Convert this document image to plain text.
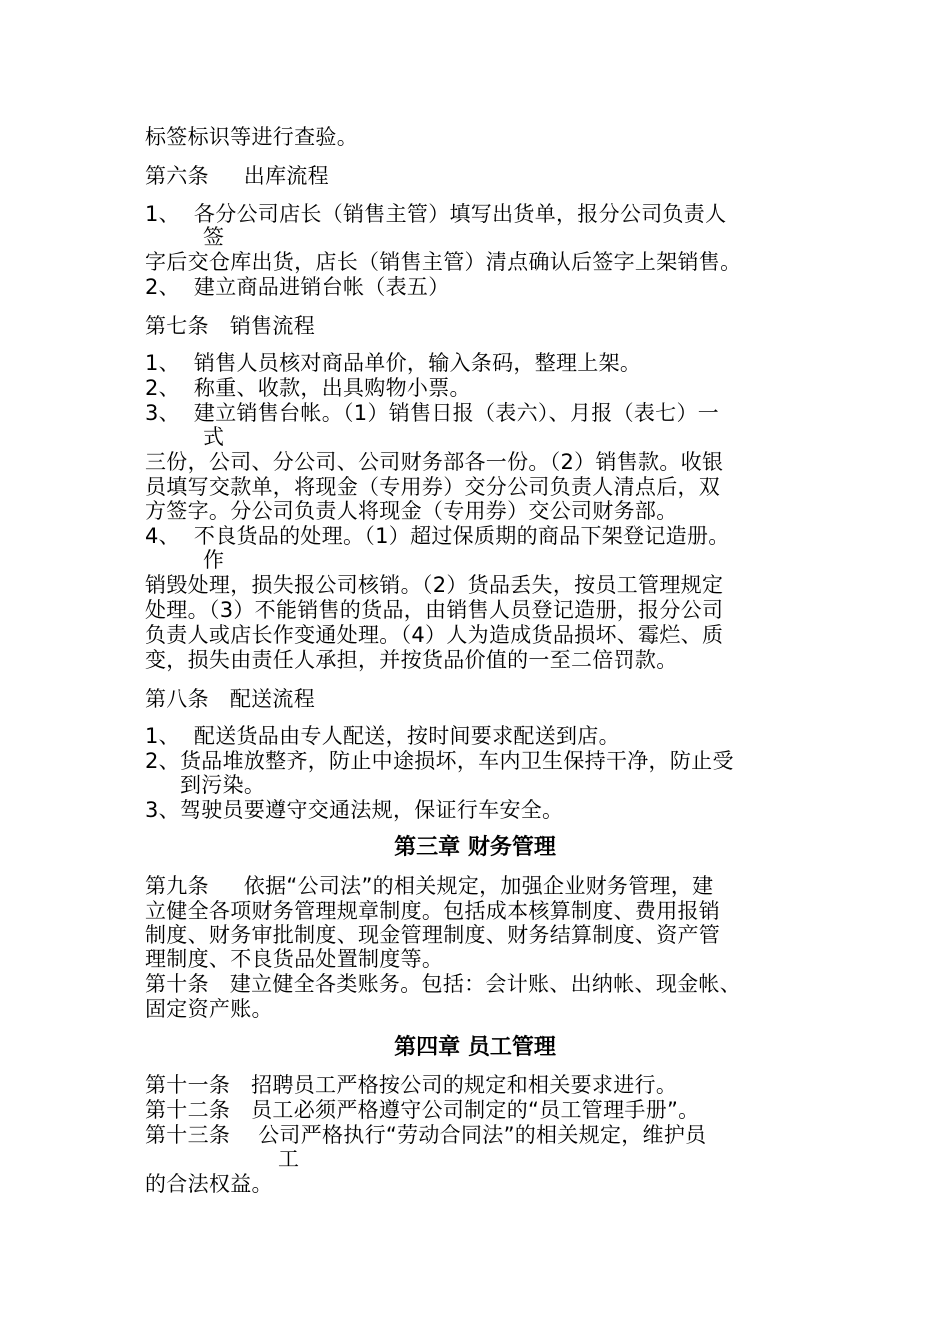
标签标识等进行查验。
第六条     出库流程
1、  各分公司店长（销售主管）填写出货单，报分公司负责人
签
字后交仓库出货，店长（销售主管）清点确认后签字上架销售。
2、  建立商品进销台帐（表五）
第七条   销售流程
1、  销售人员核对商品单价，输入条码，整理上架。
2、  称重、收款，出具购物小票。
3、  建立销售台帐。（1）销售日报（表六）、月报（表七）一
式
三份，公司、分公司、公司财务部各一份。（2）销售款。收银
员填写交款单，将现金（专用券）交分公司负责人清点后，双
方签字。分公司负责人将现金（专用券）交公司财务部。
4、  不良货品的处理。（1）超过保质期的商品下架登记造册。
作
销毁处理，损失报公司核销。（2）货品丢失，按员工管理规定
处理。（3）不能销售的货品，由销售人员登记造册，报分公司
负责人或店长作变通处理。（4）人为造成货品损坏、霉烂、质
变，损失由责任人承担，并按货品价值的一至二倍罚款。
第八条   配送流程
1、  配送货品由专人配送，按时间要求配送到店。
2、货品堆放整齐，防止中途损坏，车内卫生保持干净，防止受
到污染。
3、驾驶员要遵守交通法规，保证行车安全。
第三章 财务管理
第九条     依据“公司法”的相关规定，加强企业财务管理，建
立健全各项财务管理规章制度。包括成本核算制度、费用报销
制度、财务审批制度、现金管理制度、财务结算制度、资产管
理制度、不良货品处置制度等。
第十条   建立健全各类账务。包括：会计账、出纳帐、现金帐、
固定资产账。
第四章 员工管理
第十一条   招聘员工严格按公司的规定和相关要求进行。
第十二条   员工必须严格遵守公司制定的“员工管理手册”。
第十三条    公司严格执行“劳动合同法”的相关规定，维护员
工
的合法权益。
